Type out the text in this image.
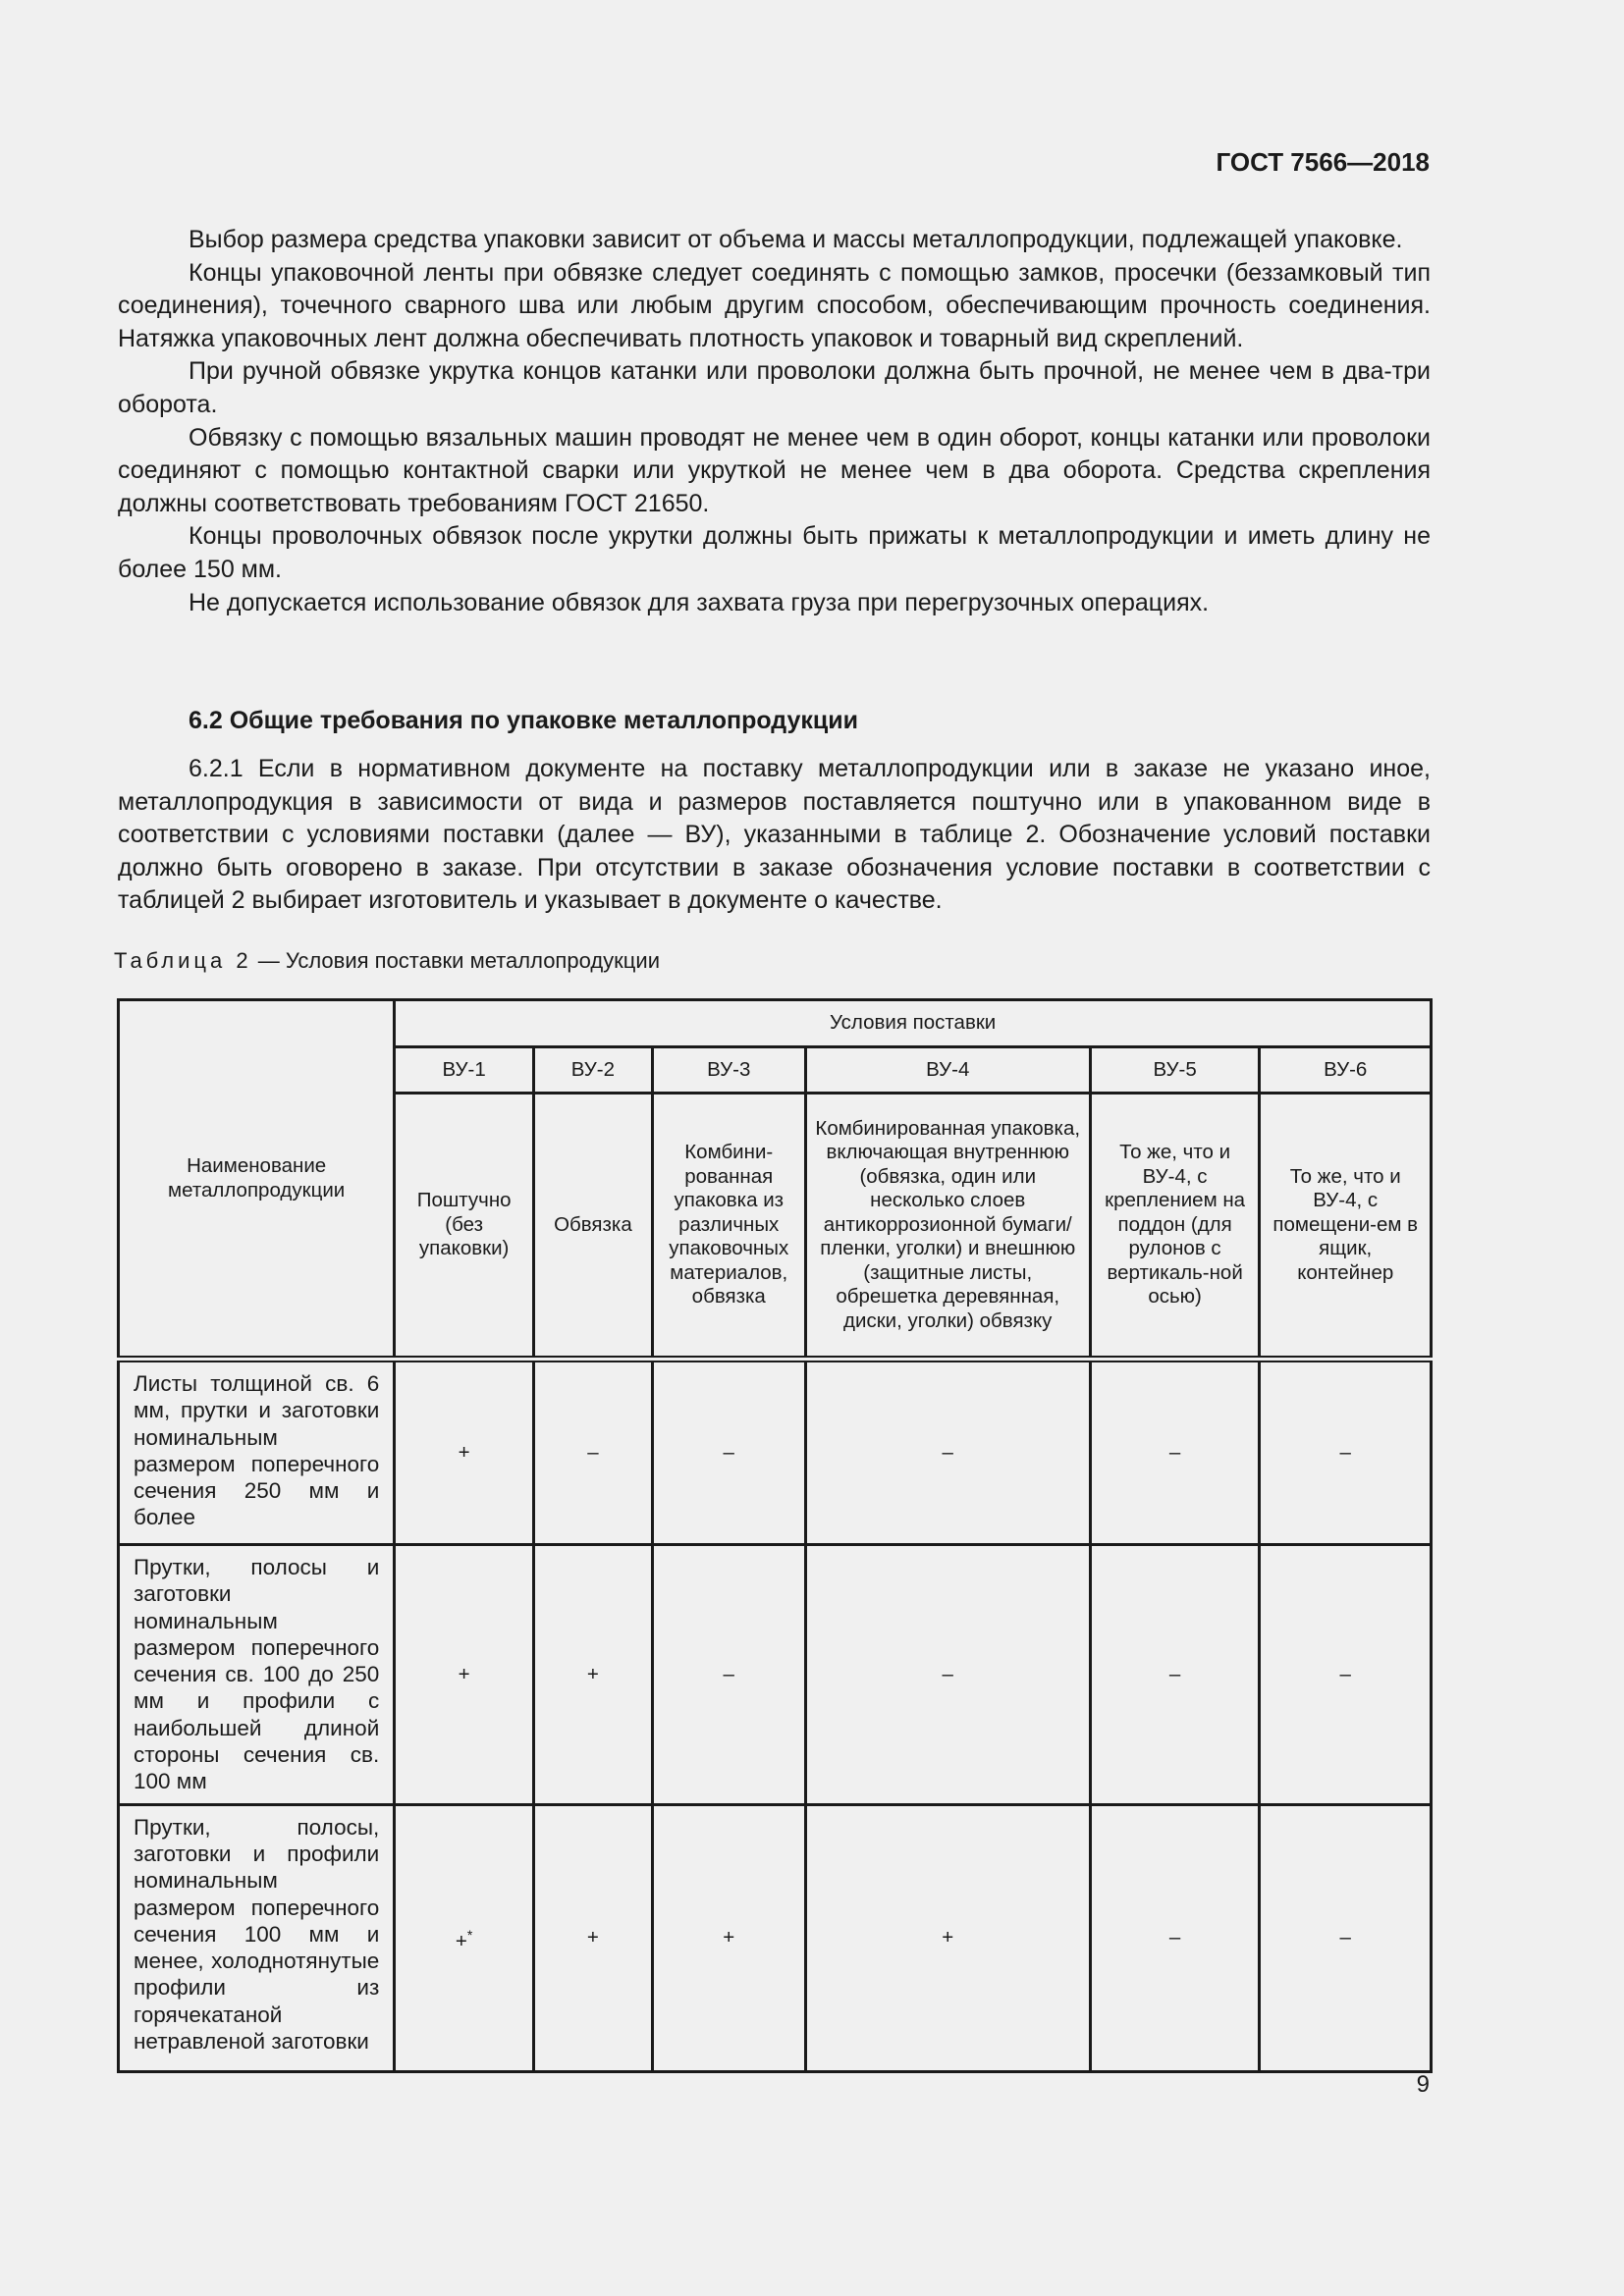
ГОСТ 7566—2018

Выбор размера средства упаковки зависит от объема и массы металлопродукции, подлежащей упаковке.

Концы упаковочной ленты при обвязке следует соединять с помощью замков, просечки (беззамковый тип соединения), точечного сварного шва или любым другим способом, обеспечивающим прочность соединения. Натяжка упаковочных лент должна обеспечивать плотность упаковок и товарный вид скреплений.

При ручной обвязке укрутка концов катанки или проволоки должна быть прочной, не менее чем в два-три оборота.

Обвязку с помощью вязальных машин проводят не менее чем в один оборот, концы катанки или проволоки соединяют с помощью контактной сварки или укруткой не менее чем в два оборота. Средства скрепления должны соответствовать требованиям ГОСТ 21650.

Концы проволочных обвязок после укрутки должны быть прижаты к металлопродукции и иметь длину не более 150 мм.

Не допускается использование обвязок для захвата груза при перегрузочных операциях.

6.2 Общие требования по упаковке металлопродукции

6.2.1 Если в нормативном документе на поставку металлопродукции или в заказе не указано иное, металлопродукция в зависимости от вида и размеров поставляется поштучно или в упакованном виде в соответствии с условиями поставки (далее — ВУ), указанными в таблице 2. Обозначение условий поставки должно быть оговорено в заказе. При отсутствии в заказе обозначения условие поставки в соответствии с таблицей 2 выбирает изготовитель и указывает в документе о качестве.

Таблица 2 — Условия поставки металлопродукции
Наименование металлопродукции	Условия поставки					
	ВУ-1	ВУ-2	ВУ-3	ВУ-4	ВУ-5	ВУ-6
	Поштучно (без упаковки)	Обвязка	Комбини-рованная упаковка из различных упаковочных материалов, обвязка	Комбинированная упаковка, включающая внутреннюю (обвязка, один или несколько слоев антикоррозионной бумаги/пленки, уголки) и внешнюю (защитные листы, обрешетка деревянная, диски, уголки) обвязку	То же, что и ВУ-4, с креплением на поддон (для рулонов с вертикаль-ной осью)	То же, что и ВУ-4, с помещени-ем в ящик, контейнер
Листы толщиной св. 6 мм, прутки и заготовки номинальным размером поперечного сечения 250 мм и более	+	–	–	–	–	–
Прутки, полосы и заготовки номинальным размером поперечного сечения св. 100 до 250 мм и профили с наибольшей длиной стороны сечения св. 100 мм	+	+	–	–	–	–
Прутки, полосы, заготовки и профили номинальным размером поперечного сечения 100 мм и менее, холоднотянутые профили из горячекатаной нетравленой заготовки	+*	+	+	+	–	–
9
